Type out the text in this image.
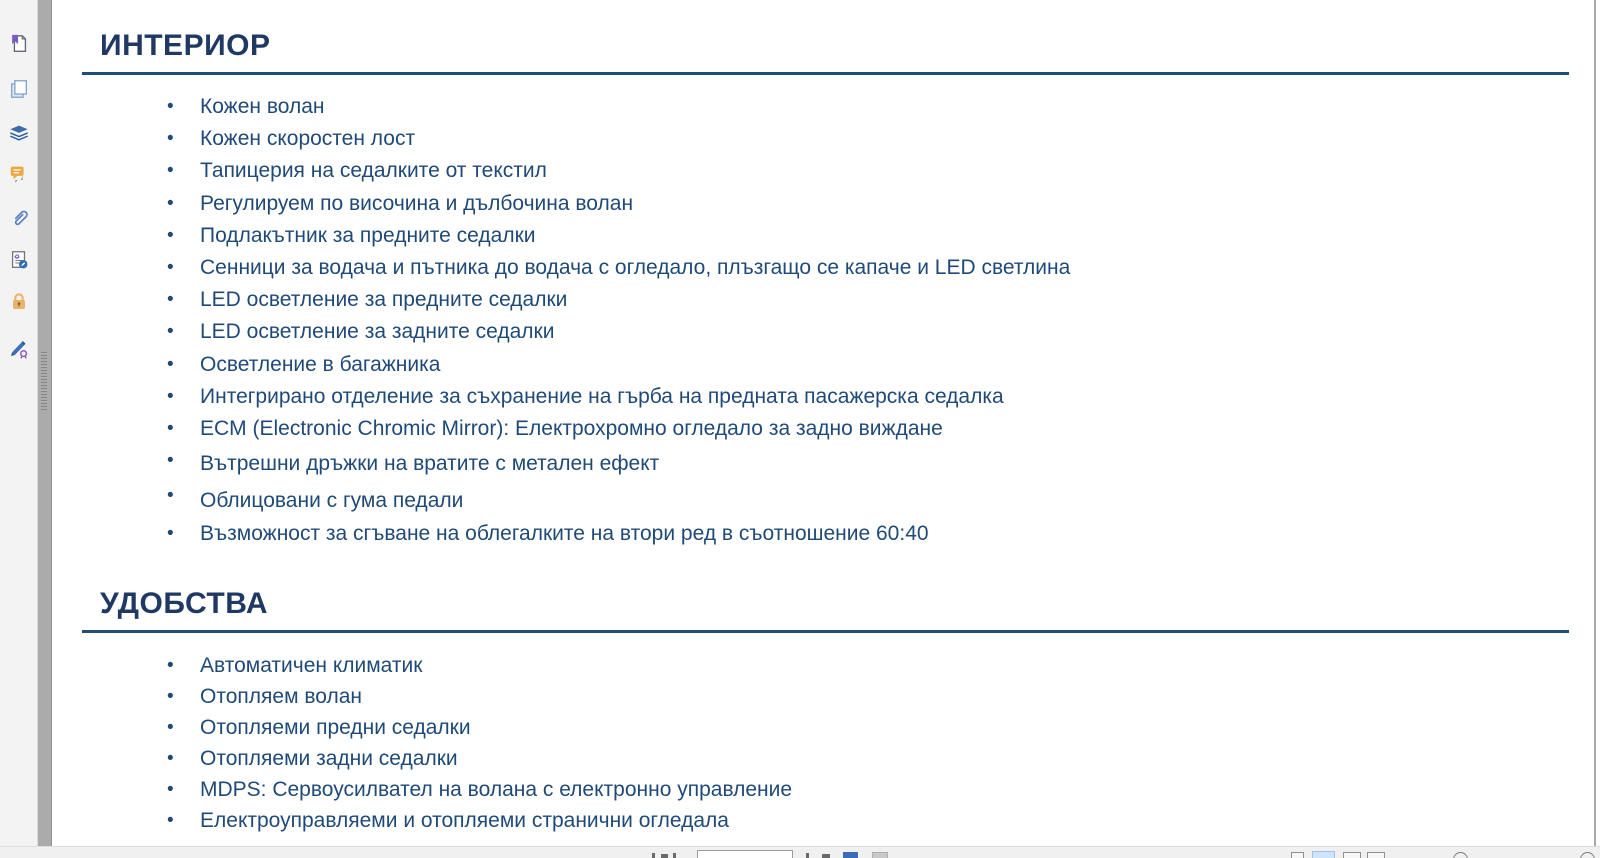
ИНТЕРИОР
• Кожен волан
• Кожен скоростен лост
• Тапицерия на седалките от текстил
• Регулируем по височина и дълбочина волан
• Подлакътник за предните седалки
• Сенници за водача и пътника до водача с огледало, плъзгащо се капаче и LED светлина
• LED осветление за предните седалки
• LED осветление за задните седалки
• Осветление в багажника
• Интегрирано отделение за съхранение на гърба на предната пасажерска седалка
• ECM (Electronic Chromic Mirror): Електрохромно огледало за задно виждане
• Вътрешни дръжки на вратите с метален ефект
• Облицовани с гума педали
• Възможност за сгъване на облегалките на втори ред в съотношение 60:40
УДОБСТВА
• Автоматичен климатик
• Отопляем волан
• Отопляеми предни седалки
• Отопляеми задни седалки
• MDPS: Сервоусилвател на волана с електронно управление
• Електроуправляеми и отопляеми странични огледала
